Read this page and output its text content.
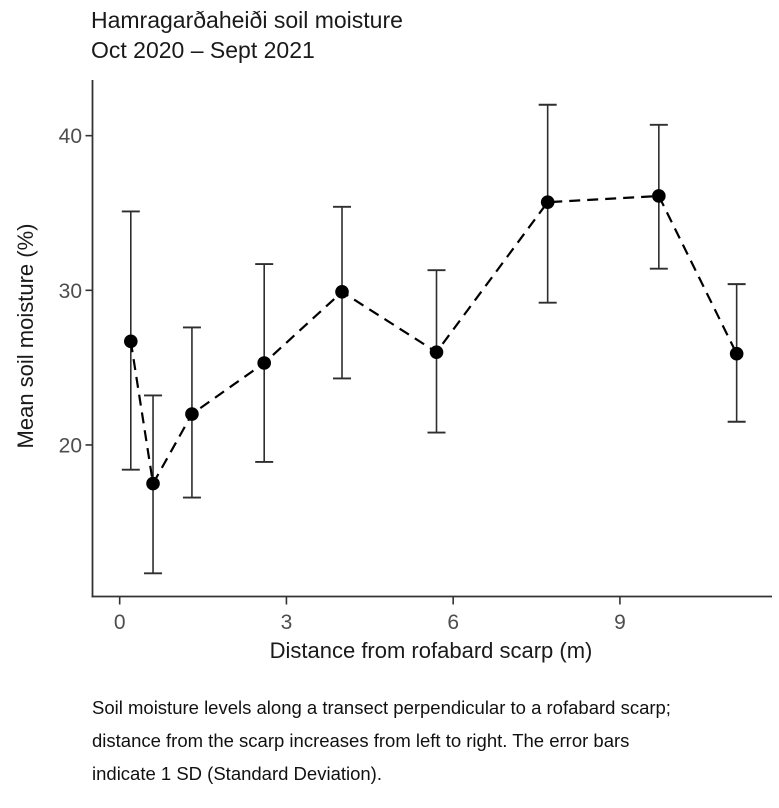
Hamragarðaheiði soil moisture
Oct 2020 – Sept 2021
Mean soil moisture (%)
0	3	6	9
20
30
40
Distance from rofabard scarp (m)
Soil moisture levels along a transect perpendicular to a rofabard scarp;
distance from the scarp increases from left to right. The error bars
indicate 1 SD (Standard Deviation).
